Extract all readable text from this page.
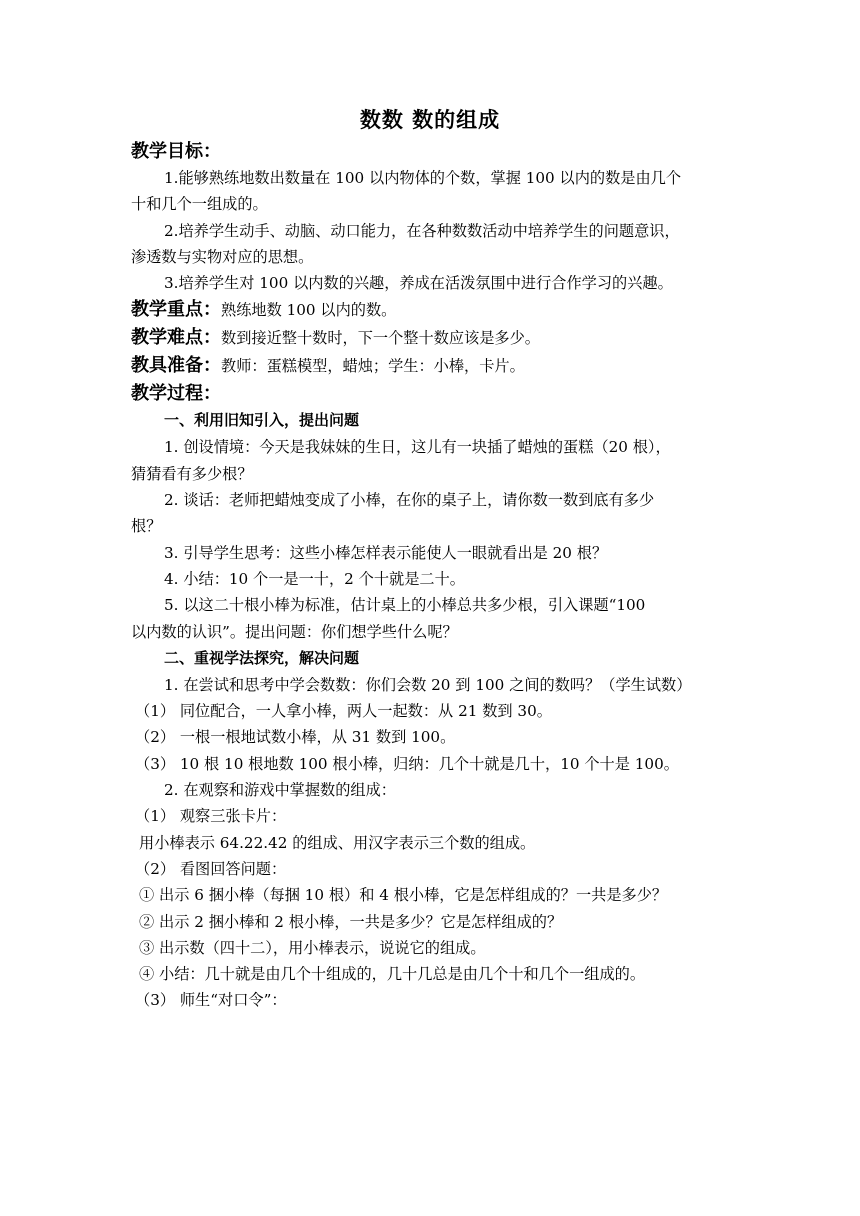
数数 数的组成
教学目标：
1.能够熟练地数出数量在 100 以内物体的个数，掌握 100 以内的数是由几个
十和几个一组成的。
2.培养学生动手、动脑、动口能力，在各种数数活动中培养学生的问题意识，
渗透数与实物对应的思想。
3.培养学生对 100 以内数的兴趣，养成在活泼氛围中进行合作学习的兴趣。
教学重点：熟练地数 100 以内的数。
教学难点：数到接近整十数时，下一个整十数应该是多少。
教具准备：教师：蛋糕模型，蜡烛；学生：小棒，卡片。
教学过程：
一、利用旧知引入，提出问题
1. 创设情境：今天是我妹妹的生日，这儿有一块插了蜡烛的蛋糕（20 根），
猜猜看有多少根？
2. 谈话：老师把蜡烛变成了小棒，在你的桌子上，请你数一数到底有多少
根？
3. 引导学生思考：这些小棒怎样表示能使人一眼就看出是 20 根？
4. 小结：10 个一是一十，2 个十就是二十。
5. 以这二十根小棒为标准，估计桌上的小棒总共多少根，引入课题“100
以内数的认识”。提出问题：你们想学些什么呢？
二、重视学法探究，解决问题
1. 在尝试和思考中学会数数：你们会数 20 到 100 之间的数吗？（学生试数）
（1） 同位配合，一人拿小棒，两人一起数：从 21 数到 30。
（2） 一根一根地试数小棒，从 31 数到 100。
（3） 10 根 10 根地数 100 根小棒，归纳：几个十就是几十，10 个十是 100。
2. 在观察和游戏中掌握数的组成：
（1） 观察三张卡片：
用小棒表示 64.22.42 的组成、用汉字表示三个数的组成。
（2） 看图回答问题：
① 出示 6 捆小棒（每捆 10 根）和 4 根小棒，它是怎样组成的？一共是多少？
② 出示 2 捆小棒和 2 根小棒，一共是多少？它是怎样组成的？
③ 出示数（四十二），用小棒表示，说说它的组成。
④ 小结：几十就是由几个十组成的，几十几总是由几个十和几个一组成的。
（3） 师生“对口令”：
